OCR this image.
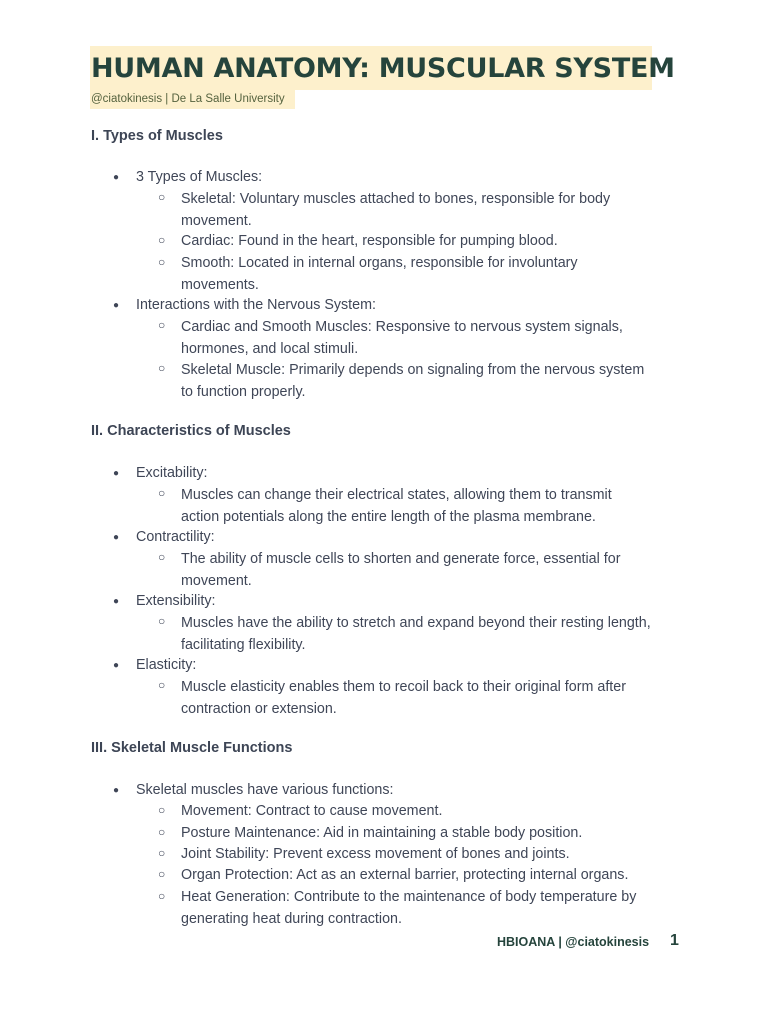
HUMAN ANATOMY: MUSCULAR SYSTEM
@ciatokinesis | De La Salle University
I. Types of Muscles
● 3 Types of Muscles:
○ Skeletal: Voluntary muscles attached to bones, responsible for body
movement.
○ Cardiac: Found in the heart, responsible for pumping blood.
○ Smooth: Located in internal organs, responsible for involuntary
movements.
● Interactions with the Nervous System:
○ Cardiac and Smooth Muscles: Responsive to nervous system signals,
hormones, and local stimuli.
○ Skeletal Muscle: Primarily depends on signaling from the nervous system
to function properly.
II. Characteristics of Muscles
● Excitability:
○ Muscles can change their electrical states, allowing them to transmit
action potentials along the entire length of the plasma membrane.
● Contractility:
○ The ability of muscle cells to shorten and generate force, essential for
movement.
● Extensibility:
○ Muscles have the ability to stretch and expand beyond their resting length,
facilitating flexibility.
● Elasticity:
○ Muscle elasticity enables them to recoil back to their original form after
contraction or extension.
III. Skeletal Muscle Functions
● Skeletal muscles have various functions:
○ Movement: Contract to cause movement.
○ Posture Maintenance: Aid in maintaining a stable body position.
○ Joint Stability: Prevent excess movement of bones and joints.
○ Organ Protection: Act as an external barrier, protecting internal organs.
○ Heat Generation: Contribute to the maintenance of body temperature by
generating heat during contraction.
HBIOANA | @ciatokinesis 1
